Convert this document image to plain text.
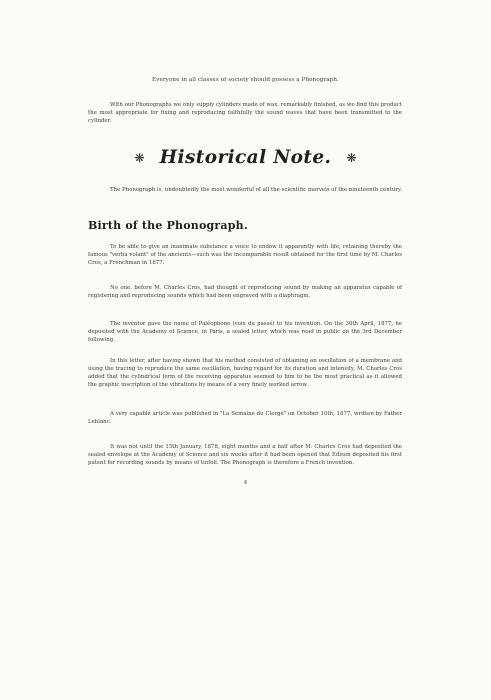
Everyone in all classes of society should possess a Phonograph.
With our Phonographs we only supply cylinders made of wax, remarkably finished, as we find this product the most appropriate for fixing and reproducing faithfully the sound waves that have been transmitted to the cylinder.
❋ Historical Note. ❋
The Phonograph is, undoubtedly the most wonderful of all the scientific marvels of the nineteenth century.
Birth of the Phonograph.
To be able to give an inanimate substance a voice to endow it apparently with life, retaining thereby the famous "verba volant" of the ancients—such was the incomparable result obtained for the first time by M. Charles Cros, a Frenchman in 1877.
No one, before M. Charles Cros, had thought of reproducing sound by making an apparatus capable of registering and reproducing sounds which had been engraved with a diaphragm.
The inventor gave the name of Paléophone (voix du passé) to his invention. On the 30th April, 1877, he deposited with the Academy of Science, in Paris, a sealed letter, which was read in public on the 3rd December following.
In this letter, after having shown that his method consisted of obtaining an oscillation of a membrane and using the tracing to reproduce the same oscillation, having regard for its duration and intensity, M. Charles Cros added that the cylindrical form of the receiving apparatus seemed to him to be the most practical as it allowed the graphic inscription of the vibrations by means of a very finely worked arrow.
A very capable article was published in "La Semaine du Clergé" on October 10th, 1877, written by Father Leblanc.
It was not until the 15th January, 1878, eight months and a half after M. Charles Cros had deposited the sealed envelope at the Academy of Science and six weeks after it had been opened that Edison deposited his first patent for recording sounds by means of tinfoil. The Phonograph is therefore a French invention.
4
